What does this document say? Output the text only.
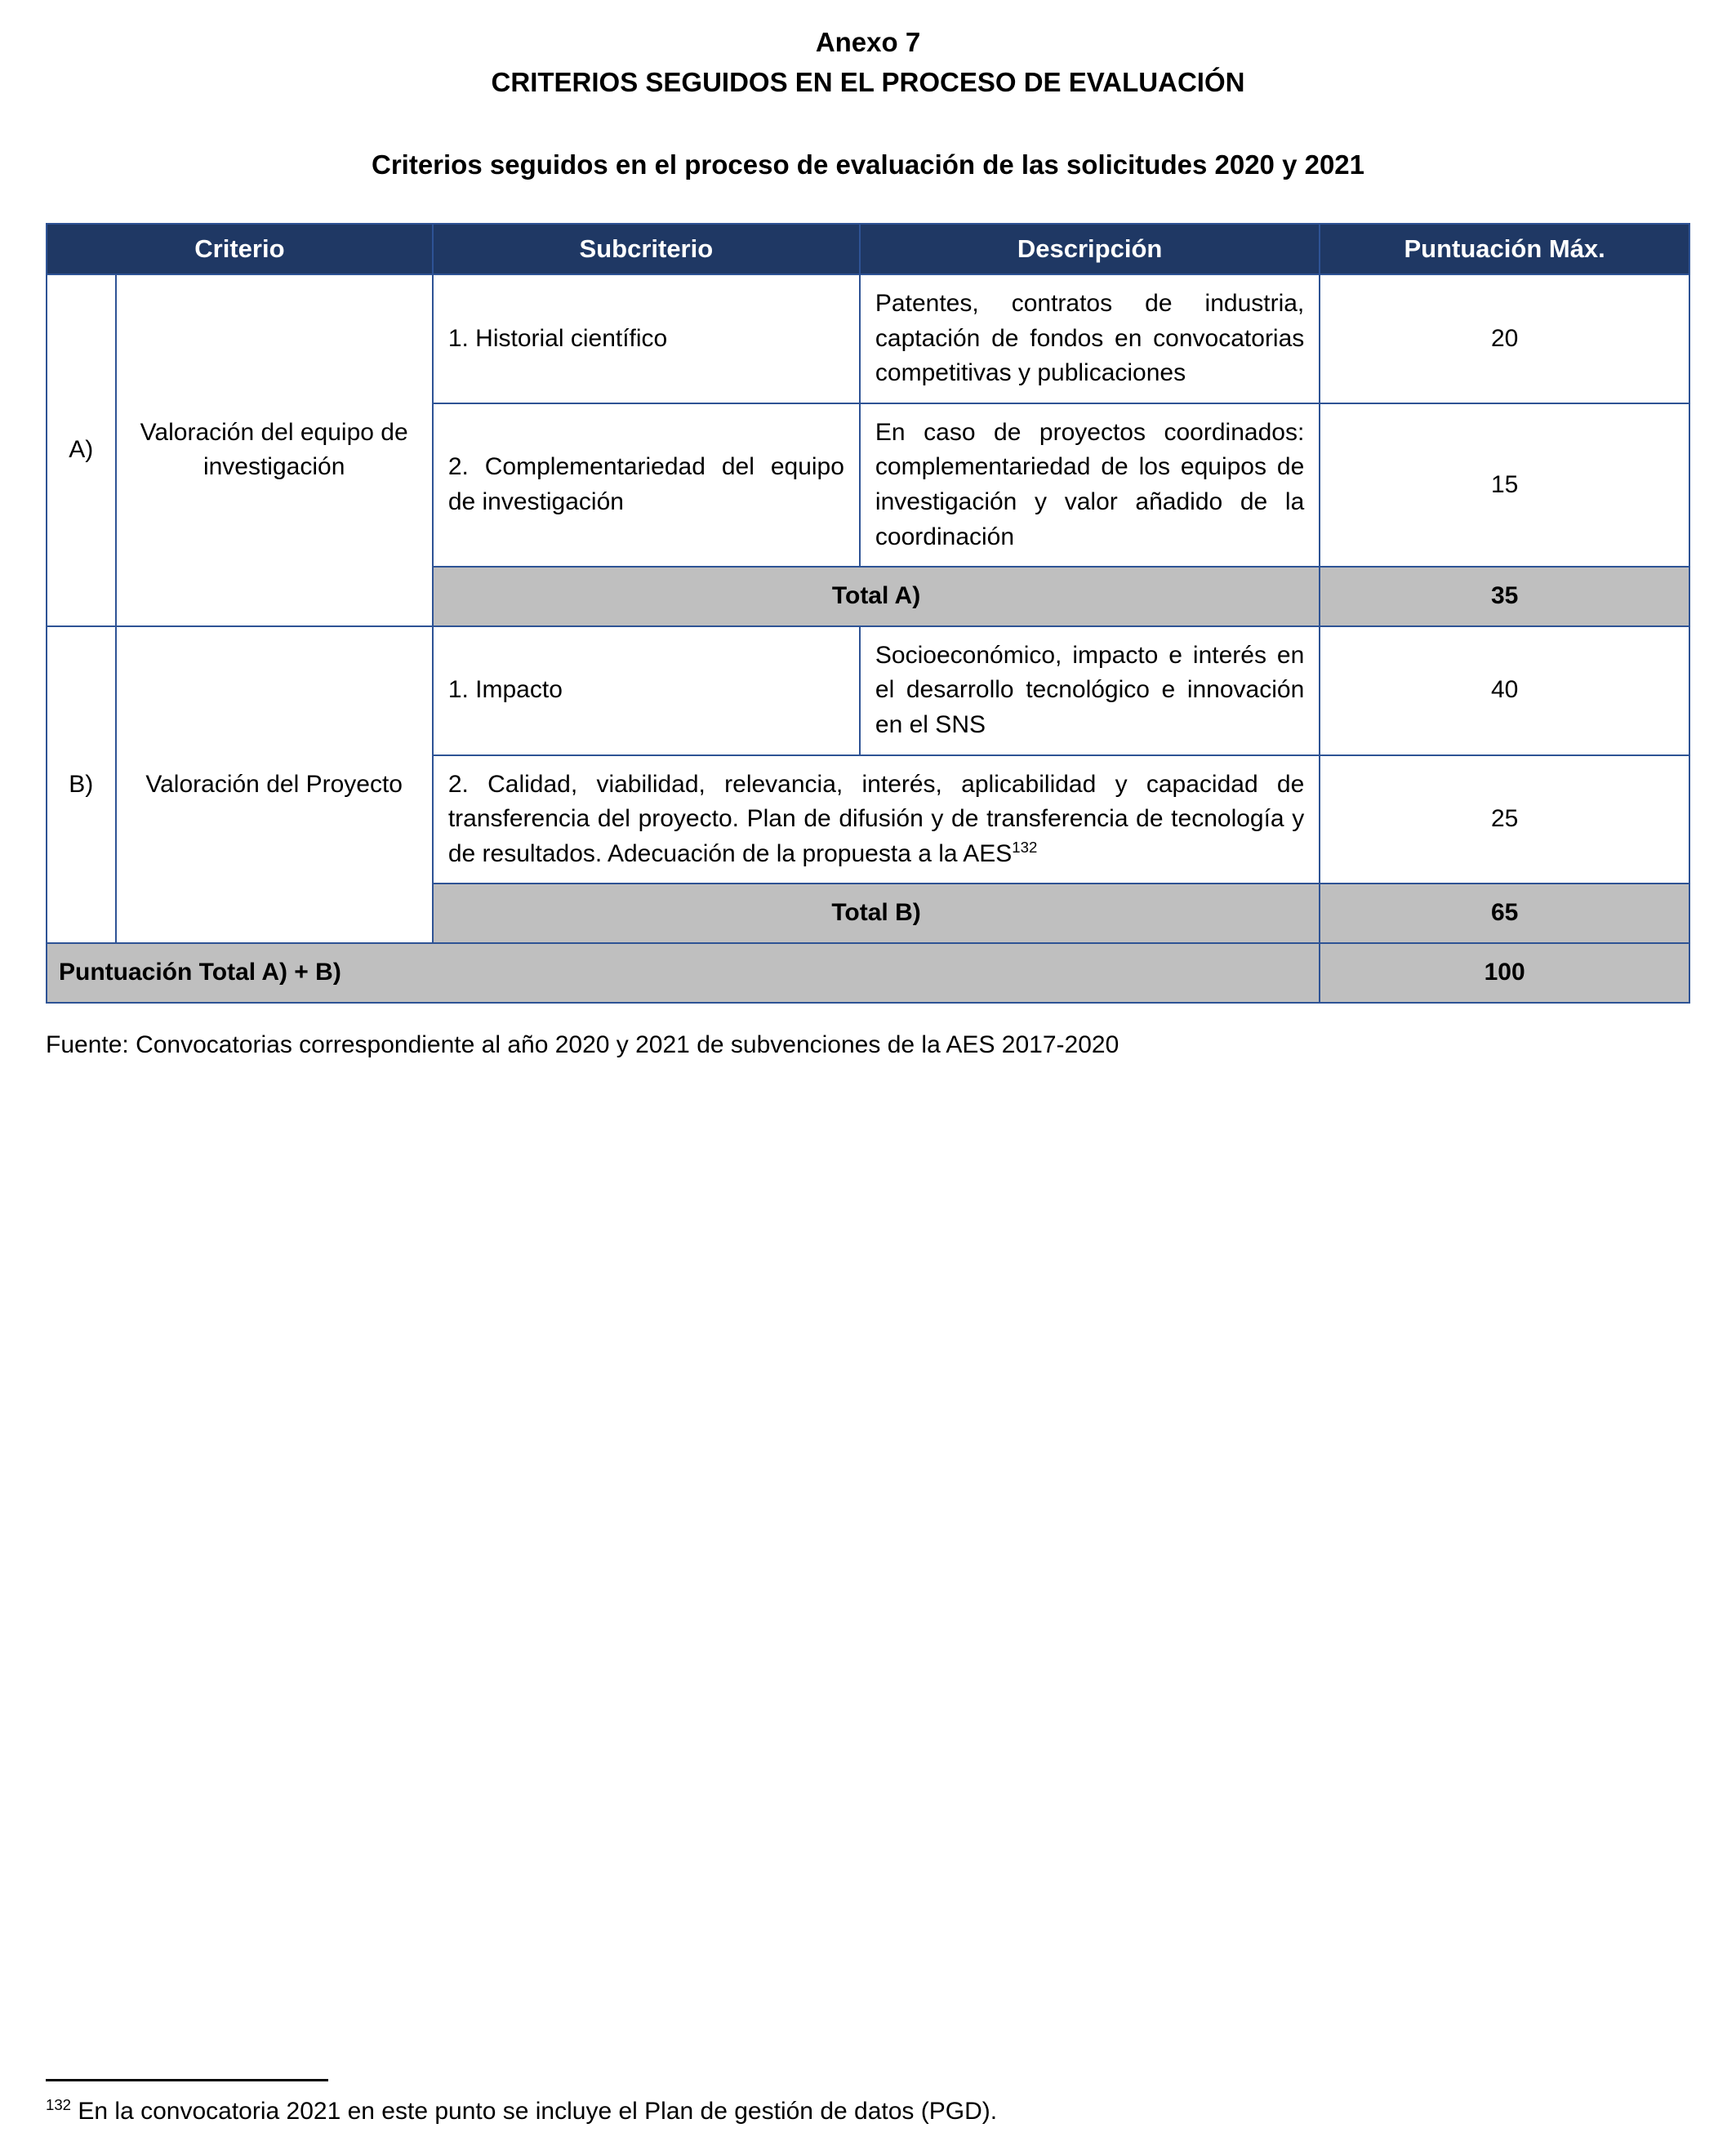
Anexo 7
CRITERIOS SEGUIDOS EN EL PROCESO DE EVALUACIÓN
Criterios seguidos en el proceso de evaluación de las solicitudes 2020 y 2021
Criterio		Subcriterio	Descripción	Puntuación Máx.
A)	Valoración del equipo de investigación	1. Historial científico	Patentes, contratos de industria, captación de fondos en convocatorias competitivas y publicaciones	20
		2. Complementariedad del equipo de investigación	En caso de proyectos coordinados: complementariedad de los equipos de investigación y valor añadido de la coordinación	15
		Total A)		35
B)	Valoración del Proyecto	1. Impacto	Socioeconómico, impacto e interés en el desarrollo tecnológico e innovación en el SNS	40
		2. Calidad, viabilidad, relevancia, interés, aplicabilidad y capacidad de transferencia del proyecto. Plan de difusión y de transferencia de tecnología y de resultados. Adecuación de la propuesta a la AES$^{132}$		25
		Total B)		65
Puntuación Total A) + B)				100
Fuente: Convocatorias correspondiente al año 2020 y 2021 de subvenciones de la AES 2017-2020
$^{132}$ En la convocatoria 2021 en este punto se incluye el Plan de gestión de datos (PGD).
